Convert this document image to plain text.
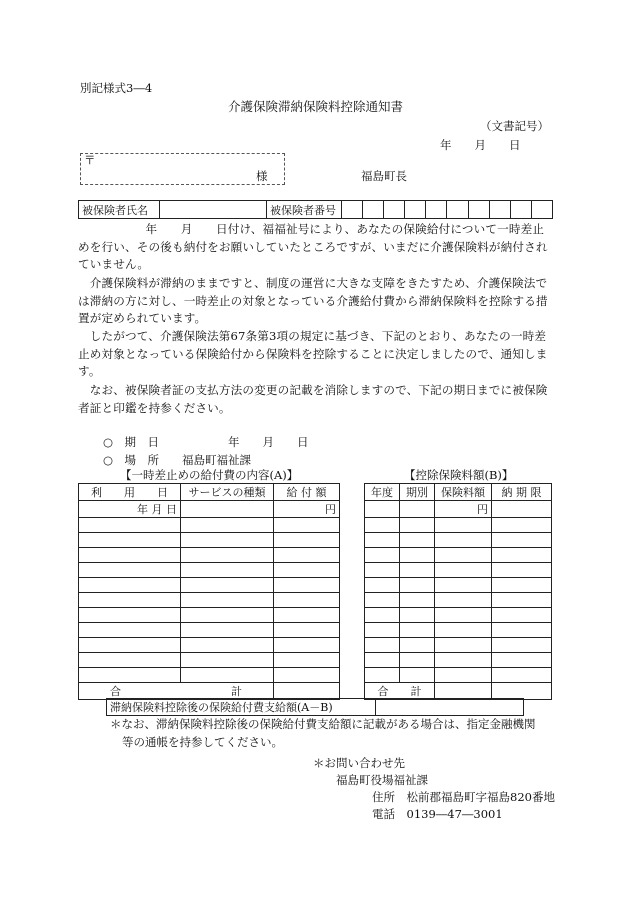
別記様式3―4
介護保険滞納保険料控除通知書
（文書記号）
年　　月　　日
〒
様	福島町長
被保険者氏名		被保険者番号										
　　年　　月　　日付け、福福祉号により、あなたの保険給付について一時差止めを行い、その後も納付をお願いしていたところですが、いまだに介護保険料が納付されていません。
　介護保険料が滞納のままですと、制度の運営に大きな支障をきたすため、介護保険法では滞納の方に対し、一時差止の対象となっている介護給付費から滞納保険料を控除する措置が定められています。
　したがつて、介護保険法第67条第3項の規定に基づき、下記のとおり、あなたの一時差止め対象となっている保険給付から保険料を控除することに決定しましたので、通知します。
　なお、被保険者証の支払方法の変更の記載を消除しますので、下記の期日までに被保険者証と印鑑を持参ください。
○　期　日　　　　　　年　　月　　日
○　場　所　　福島町福祉課
【一時差止めの給付費の内容(A)】	【控除保険料額(B)】
利　　用　　日	サービスの種類	給 付 額
年 月 日		円

合　　　　　　　　　　計		
年度	期別	保険料額	納 期 限
		円	

合　　計			
滞納保険料控除後の保険給付費支給額(A－B)	
＊なお、滞納保険料控除後の保険給付費支給額に記載がある場合は、指定金融機関
等の通帳を持参してください。
＊お問い合わせ先
福島町役場福祉課
住所　松前郡福島町字福島820番地
電話　0139―47―3001
